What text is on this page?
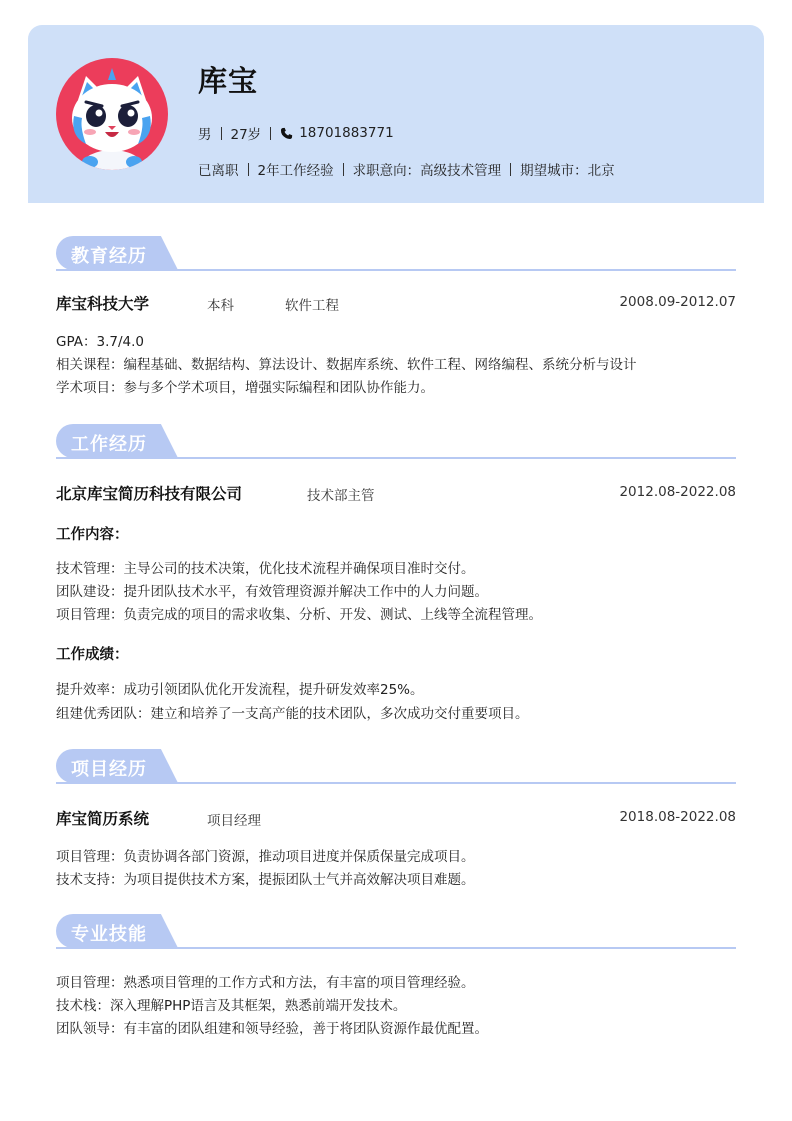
库宝
男 27岁	18701883771
已离职 2年工作经验 求职意向：高级技术管理 期望城市：北京
教育经历
库宝科技大学	本科	软件工程	2008.09-2012.07
GPA：3.7/4.0
相关课程：编程基础、数据结构、算法设计、数据库系统、软件工程、网络编程、系统分析与设计
学术项目：参与多个学术项目，增强实际编程和团队协作能力。
工作经历
北京库宝简历科技有限公司	技术部主管	2012.08-2022.08
工作内容：
技术管理：主导公司的技术决策，优化技术流程并确保项目准时交付。
团队建设：提升团队技术水平，有效管理资源并解决工作中的人力问题。
项目管理：负责完成的项目的需求收集、分析、开发、测试、上线等全流程管理。
工作成绩：
提升效率：成功引领团队优化开发流程，提升研发效率25%。
组建优秀团队：建立和培养了一支高产能的技术团队，多次成功交付重要项目。
项目经历
库宝简历系统	项目经理	2018.08-2022.08
项目管理：负责协调各部门资源，推动项目进度并保质保量完成项目。
技术支持：为项目提供技术方案，提振团队士气并高效解决项目难题。
专业技能
项目管理：熟悉项目管理的工作方式和方法，有丰富的项目管理经验。
技术栈：深入理解PHP语言及其框架，熟悉前端开发技术。
团队领导：有丰富的团队组建和领导经验，善于将团队资源作最优配置。
